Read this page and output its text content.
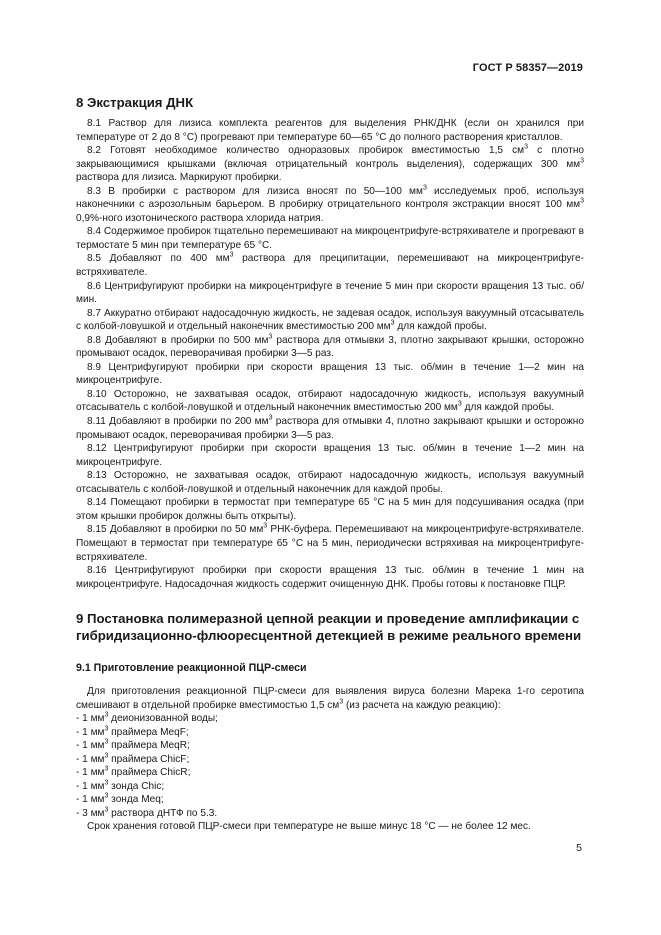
ГОСТ Р 58357—2019
8 Экстракция ДНК

8.1 Раствор для лизиса комплекта реагентов для выделения РНК/ДНК (если он хранился при температуре от 2 до 8 °С) прогревают при температуре 60—65 °С до полного растворения кристаллов.

8.2 Готовят необходимое количество одноразовых пробирок вместимостью 1,5 $см^3$ с плотно закрывающимися крышками (включая отрицательный контроль выделения), содержащих 300 $мм^3$ раствора для лизиса. Маркируют пробирки.

8.3 В пробирки с раствором для лизиса вносят по 50—100 $мм^3$ исследуемых проб, используя наконечники с аэрозольным барьером. В пробирку отрицательного контроля экстракции вносят 100 $мм^3$ 0,9%-ного изотонического раствора хлорида натрия.

8.4 Содержимое пробирок тщательно перемешивают на микроцентрифуге-встряхивателе и прогревают в термостате 5 мин при температуре 65 °С.

8.5 Добавляют по 400 $мм^3$ раствора для преципитации, перемешивают на микроцентрифуге-встряхивателе.

8.6 Центрифугируют пробирки на микроцентрифуге в течение 5 мин при скорости вращения 13 тыс. об/мин.

8.7 Аккуратно отбирают надосадочную жидкость, не задевая осадок, используя вакуумный отсасыватель с колбой-ловушкой и отдельный наконечник вместимостью 200 $мм^3$ для каждой пробы.

8.8 Добавляют в пробирки по 500 $мм^3$ раствора для отмывки 3, плотно закрывают крышки, осторожно промывают осадок, переворачивая пробирки 3—5 раз.

8.9 Центрифугируют пробирки при скорости вращения 13 тыс. об/мин в течение 1—2 мин на микроцентрифуге.

8.10 Осторожно, не захватывая осадок, отбирают надосадочную жидкость, используя вакуумный отсасыватель с колбой-ловушкой и отдельный наконечник вместимостью 200 $мм^3$ для каждой пробы.

8.11 Добавляют в пробирки по 200 $мм^3$ раствора для отмывки 4, плотно закрывают крышки и осторожно промывают осадок, переворачивая пробирки 3—5 раз.

8.12 Центрифугируют пробирки при скорости вращения 13 тыс. об/мин в течение 1—2 мин на микроцентрифуге.

8.13 Осторожно, не захватывая осадок, отбирают надосадочную жидкость, используя вакуумный отсасыватель с колбой-ловушкой и отдельный наконечник для каждой пробы.

8.14 Помещают пробирки в термостат при температуре 65 °С на 5 мин для подсушивания осадка (при этом крышки пробирок должны быть открыты).

8.15 Добавляют в пробирки по 50 $мм^3$ РНК-буфера. Перемешивают на микроцентрифуге-встряхивателе. Помещают в термостат при температуре 65 °С на 5 мин, периодически встряхивая на микроцентрифуге-встряхивателе.

8.16 Центрифугируют пробирки при скорости вращения 13 тыс. об/мин в течение 1 мин на микроцентрифуге. Надосадочная жидкость содержит очищенную ДНК. Пробы готовы к постановке ПЦР.

9 Постановка полимеразной цепной реакции и проведение амплификации с гибридизационно-флюоресцентной детекцией в режиме реального времени
9.1 Приготовление реакционной ПЦР-смеси

Для приготовления реакционной ПЦР-смеси для выявления вируса болезни Марека 1-го серотипа смешивают в отдельной пробирке вместимостью 1,5 $см^3$ (из расчета на каждую реакцию):

- 1 $мм^3$ деионизованной воды;
- 1 $мм^3$ праймера MeqF;
- 1 $мм^3$ праймера MeqR;
- 1 $мм^3$ праймера ChicF;
- 1 $мм^3$ праймера ChicR;
- 1 $мм^3$ зонда Chic;
- 1 $мм^3$ зонда Meq;
- 3 $мм^3$ раствора дНТФ по 5.3.

Срок хранения готовой ПЦР-смеси при температуре не выше минус 18 °С — не более 12 мес.

5
